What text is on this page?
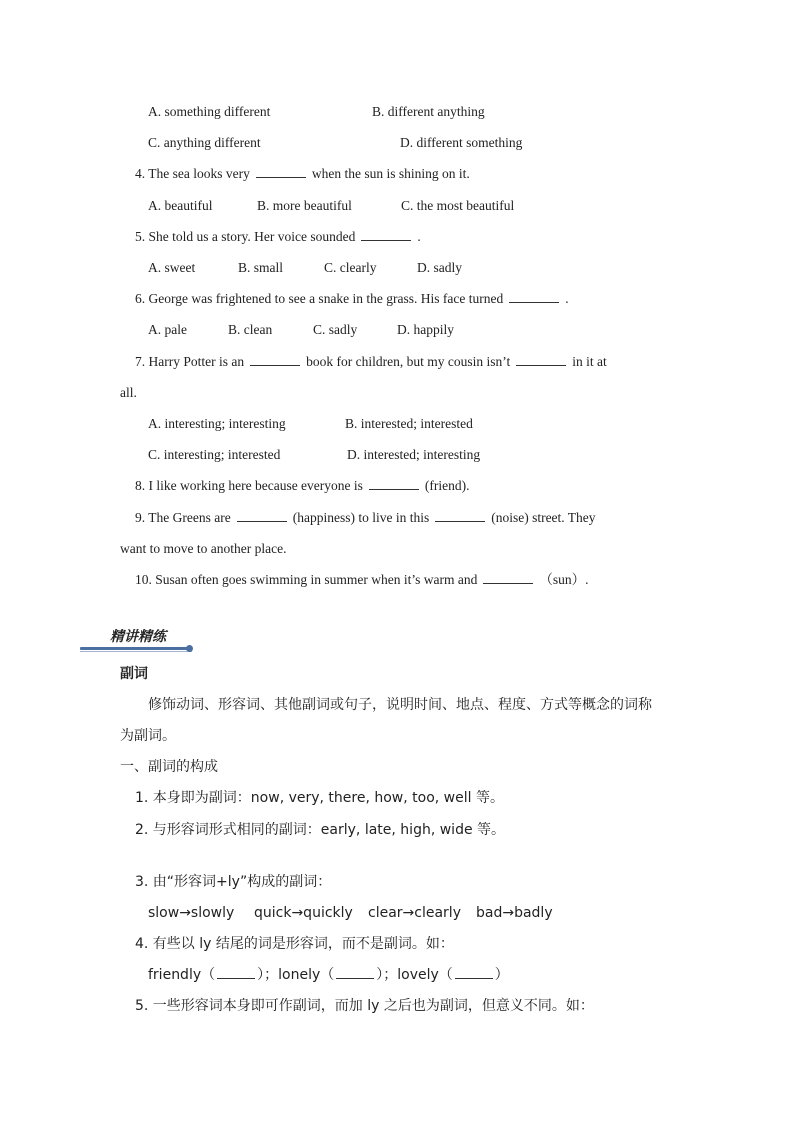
A. something different	B. different anything
C. anything different	D. different something
4. The sea looks very	when the sun is shining on it.
A. beautiful	B. more beautiful	C. the most beautiful
5. She told us a story. Her voice sounded	.
A. sweet	B. small	C. clearly	D. sadly
6. George was frightened to see a snake in the grass. His face turned	.
A. pale	B. clean	C. sadly	D. happily
7. Harry Potter is an	book for children, but my cousin isn’t	in it at
all.
A. interesting; interesting	B. interested; interested
C. interesting; interested	D. interested; interesting
8. I like working here because everyone is	(friend).
9. The Greens are	(happiness) to live in this	(noise) street. They
want to move to another place.
10. Susan often goes swimming in summer when it’s warm and	（sun）.
精讲精练
副词
修饰动词、形容词、其他副词或句子，说明时间、地点、程度、方式等概念的词称
为副词。
一、副词的构成
1. 本身即为副词：now, very, there, how, too, well 等。
2. 与形容词形式相同的副词：early, late, high, wide 等。
3. 由“形容词+ly”构成的副词：
slow→slowly quick→quickly clear→clearly bad→badly
4. 有些以 ly 结尾的词是形容词，而不是副词。如：
friendly（	）；lonely（	）；lovely（	）
5. 一些形容词本身即可作副词，而加 ly 之后也为副词，但意义不同。如：
